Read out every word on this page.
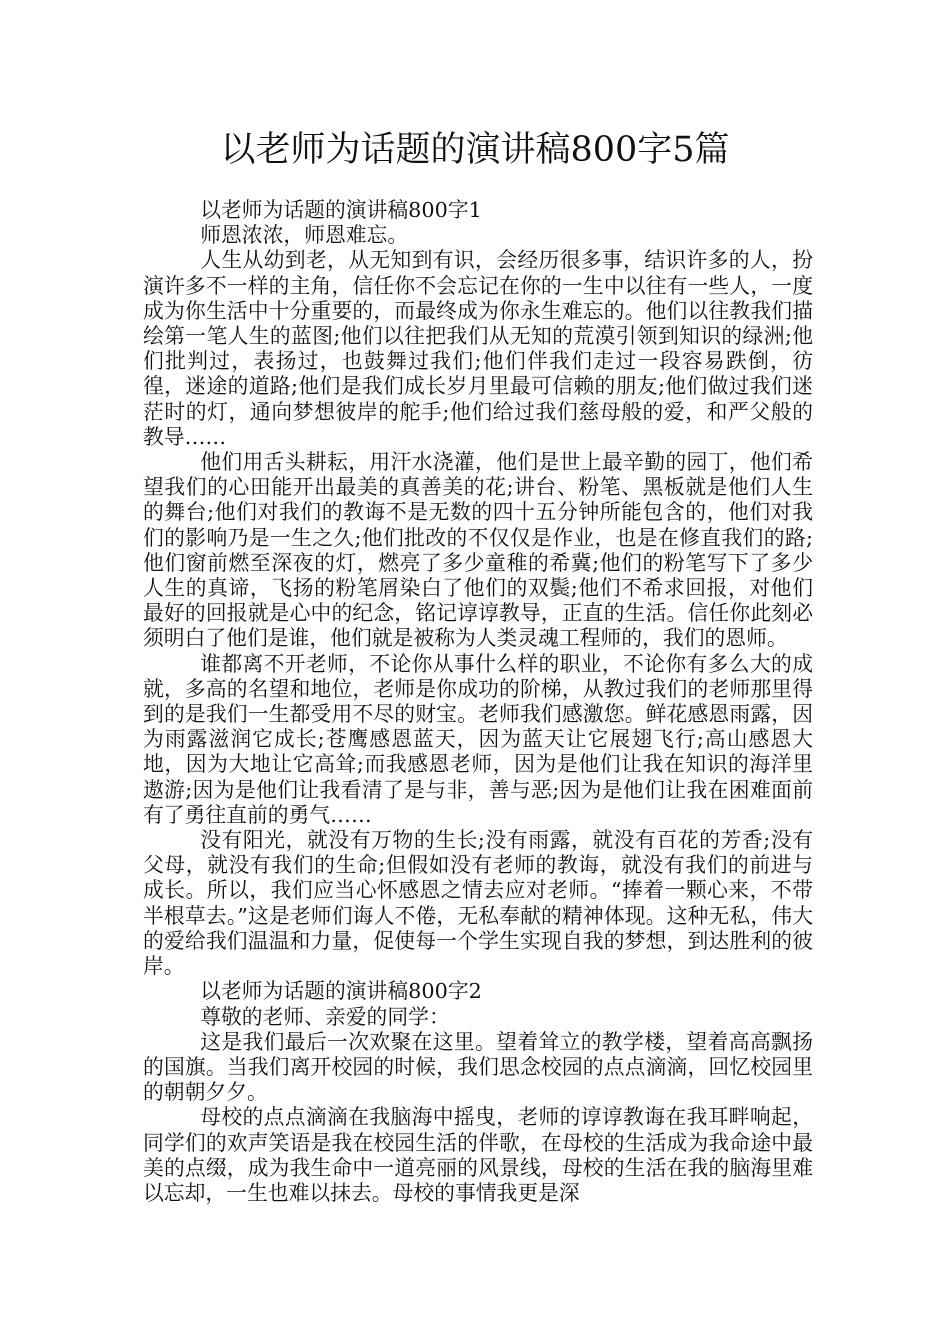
以老师为话题的演讲稿800字5篇

以老师为话题的演讲稿800字1

师恩浓浓，师恩难忘。

人生从幼到老，从无知到有识，会经历很多事，结识许多的人，扮演许多不一样的主角，信任你不会忘记在你的一生中以往有一些人，一度成为你生活中十分重要的，而最终成为你永生难忘的。他们以往教我们描绘第一笔人生的蓝图;他们以往把我们从无知的荒漠引领到知识的绿洲;他们批判过，表扬过，也鼓舞过我们;他们伴我们走过一段容易跌倒，彷徨，迷途的道路;他们是我们成长岁月里最可信赖的朋友;他们做过我们迷茫时的灯，通向梦想彼岸的舵手;他们给过我们慈母般的爱，和严父般的教导……

他们用舌头耕耘，用汗水浇灌，他们是世上最辛勤的园丁，他们希望我们的心田能开出最美的真善美的花;讲台、粉笔、黑板就是他们人生的舞台;他们对我们的教诲不是无数的四十五分钟所能包含的，他们对我们的影响乃是一生之久;他们批改的不仅仅是作业，也是在修直我们的路;他们窗前燃至深夜的灯，燃亮了多少童稚的希冀;他们的粉笔写下了多少人生的真谛，飞扬的粉笔屑染白了他们的双鬓;他们不希求回报，对他们最好的回报就是心中的纪念，铭记谆谆教导，正直的生活。信任你此刻必须明白了他们是谁，他们就是被称为人类灵魂工程师的，我们的恩师。

谁都离不开老师，不论你从事什么样的职业，不论你有多么大的成就，多高的名望和地位，老师是你成功的阶梯，从教过我们的老师那里得到的是我们一生都受用不尽的财宝。老师我们感激您。鲜花感恩雨露，因为雨露滋润它成长;苍鹰感恩蓝天，因为蓝天让它展翅飞行;高山感恩大地，因为大地让它高耸;而我感恩老师，因为是他们让我在知识的海洋里遨游;因为是他们让我看清了是与非，善与恶;因为是他们让我在困难面前有了勇往直前的勇气……

没有阳光，就没有万物的生长;没有雨露，就没有百花的芳香;没有父母，就没有我们的生命;但假如没有老师的教诲，就没有我们的前进与成长。所以，我们应当心怀感恩之情去应对老师。“捧着一颗心来，不带半根草去。”这是老师们诲人不倦，无私奉献的精神体现。这种无私，伟大的爱给我们温温和力量，促使每一个学生实现自我的梦想，到达胜利的彼岸。

以老师为话题的演讲稿800字2

尊敬的老师、亲爱的同学：

这是我们最后一次欢聚在这里。望着耸立的教学楼，望着高高飘扬的国旗。当我们离开校园的时候，我们思念校园的点点滴滴，回忆校园里的朝朝夕夕。

母校的点点滴滴在我脑海中摇曳，老师的谆谆教诲在我耳畔响起，同学们的欢声笑语是我在校园生活的伴歌，在母校的生活成为我命途中最美的点缀，成为我生命中一道亮丽的风景线，母校的生活在我的脑海里难以忘却，一生也难以抹去。母校的事情我更是深
